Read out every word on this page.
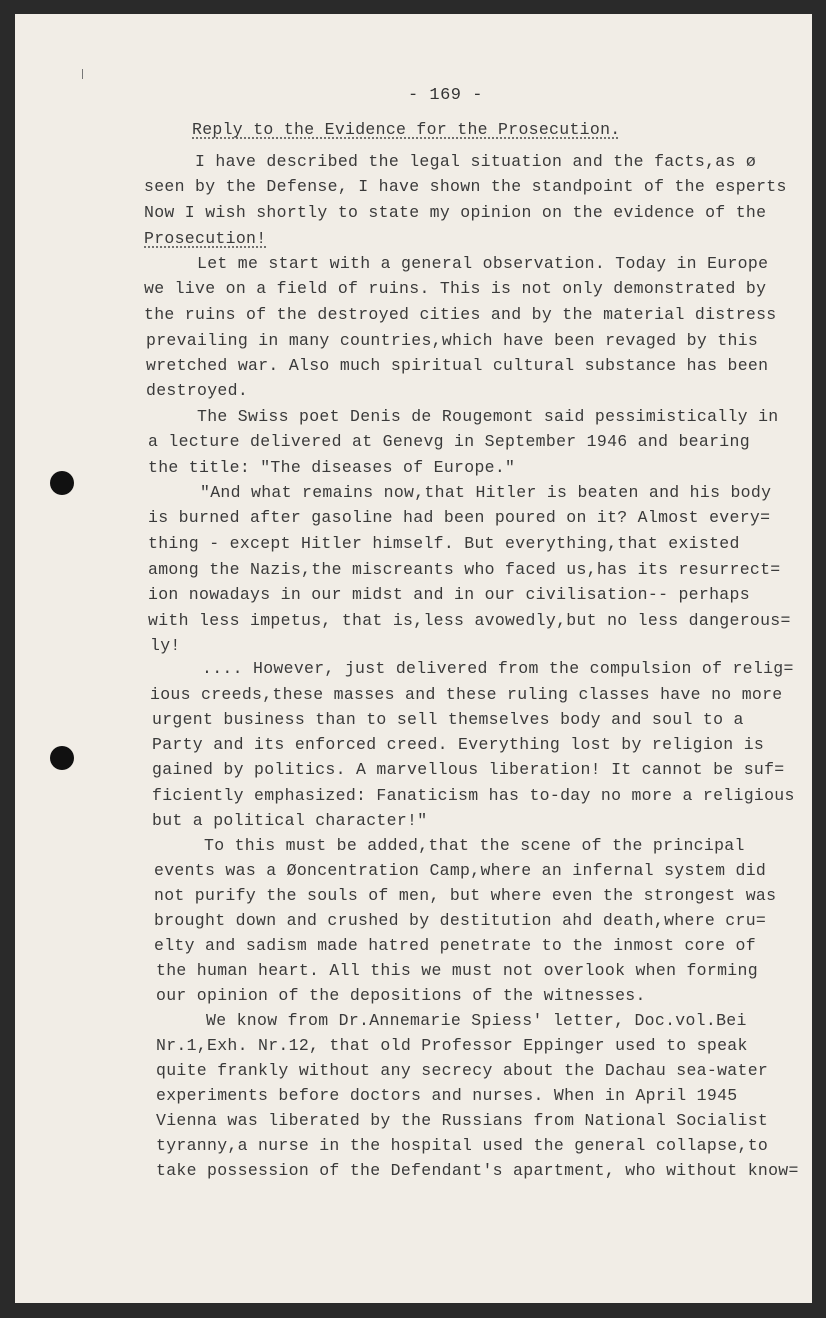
- 169 -
Reply to the Evidence for the Prosecution.
I have described the legal situation and the facts,as ø
seen by the Defense, I have shown the standpoint of the esperts
Now I wish shortly to state my opinion on the evidence of the
Prosecution!
Let me start with a general observation. Today in Europe
we live on a field of ruins. This is not only demonstrated by
the ruins of the destroyed cities and by the material distress
prevailing in many countries,which have been revaged by this
wretched war. Also much spiritual cultural substance has been
destroyed.
The Swiss poet Denis de Rougemont said pessimistically in
a lecture delivered at Genevg in September 1946 and bearing
the title: "The diseases of Europe."
"And what remains now,that Hitler is beaten and his body
is burned after gasoline had been poured on it? Almost every=
thing - except Hitler himself. But everything,that existed
among the Nazis,the miscreants who faced us,has its resurrect=
ion nowadays in our midst and in our civilisation-- perhaps
with less impetus, that is,less avowedly,but no less dangerous=
ly!
.... However, just delivered from the compulsion of relig=
ious creeds,these masses and these ruling classes have no more
urgent business than to sell themselves body and soul to a
Party and its enforced creed. Everything lost by religion is
gained by politics. A marvellous liberation! It cannot be suf=
ficiently emphasized: Fanaticism has to-day no more a religious
but a political character!"
To this must be added,that the scene of the principal
events was a Øoncentration Camp,where an infernal system did
not purify the souls of men, but where even the strongest was
brought down and crushed by destitution ahd death,where cru=
elty and sadism made hatred penetrate to the inmost core of
the human heart. All this we must not overlook when forming
our opinion of the depositions of the witnesses.
We know from Dr.Annemarie Spiess' letter, Doc.vol.Bei
Nr.1,Exh. Nr.12, that old Professor Eppinger used to speak
quite frankly without any secrecy about the Dachau sea-water
experiments before doctors and nurses. When in April 1945
Vienna was liberated by the Russians from National Socialist
tyranny,a nurse in the hospital used the general collapse,to
take possession of the Defendant's apartment, who without know=
